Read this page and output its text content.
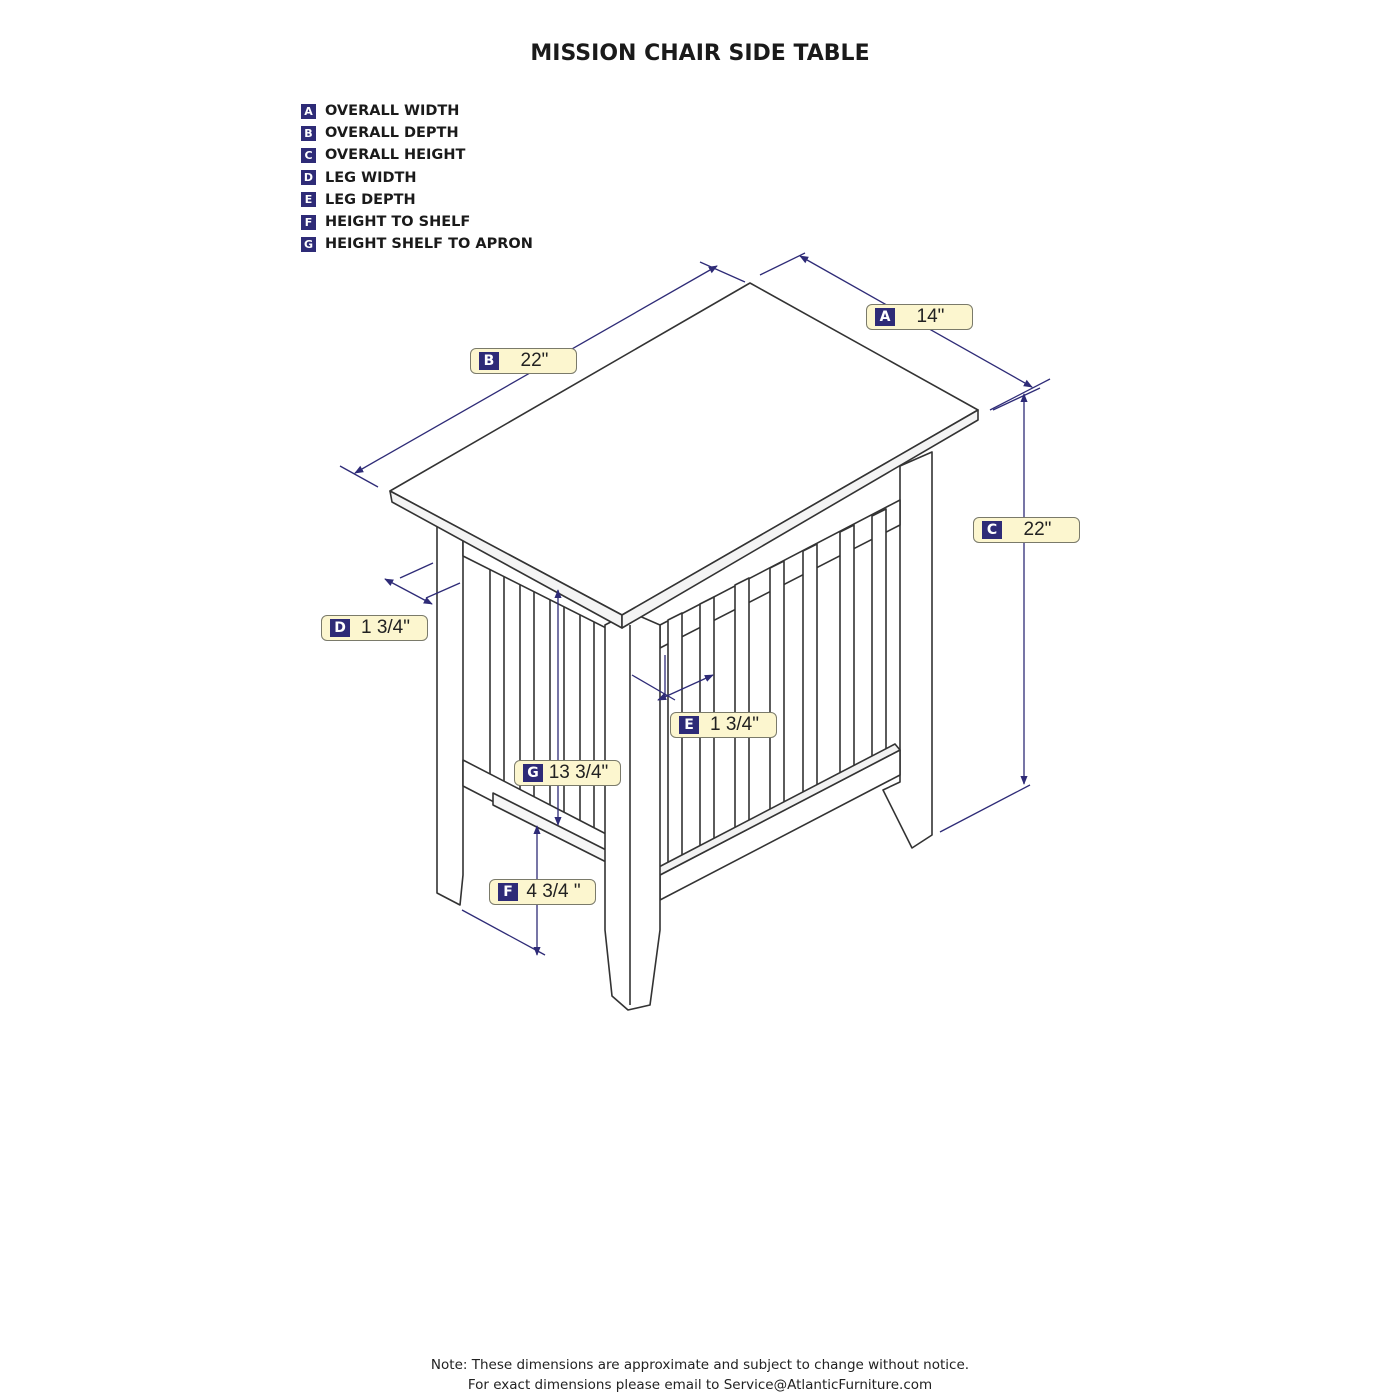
MISSION CHAIR SIDE TABLE
A OVERALL WIDTH
B OVERALL DEPTH
C OVERALL HEIGHT
D LEG WIDTH
E LEG DEPTH
F HEIGHT TO SHELF
G HEIGHT SHELF TO APRON
A	14"
B	22"
C	22"
D 1 3/4"
E 1 3/4"
G 13 3/4"
F 4 3/4 "
Note: These dimensions are approximate and subject to change without notice.
For exact dimensions please email to Service@AtlanticFurniture.com
